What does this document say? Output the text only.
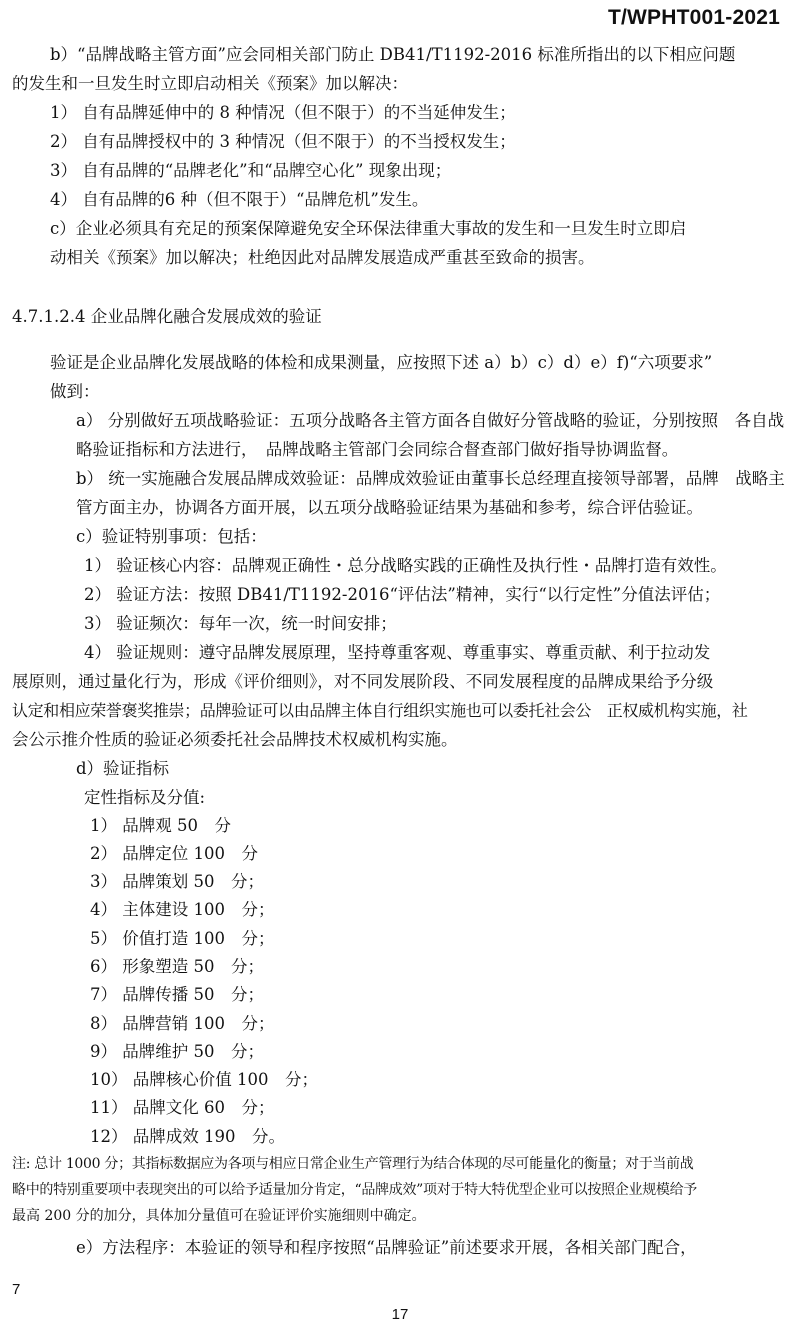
T/WPHT001-2021

b）“品牌战略主管方面”应会同相关部门防止 DB41/T1192-2016 标准所指出的以下相应问题

的发生和一旦发生时立即启动相关《预案》加以解决：

1） 自有品牌延伸中的 8 种情况（但不限于）的不当延伸发生；

2） 自有品牌授权中的 3 种情况（但不限于）的不当授权发生；

3） 自有品牌的“品牌老化”和“品牌空心化” 现象出现；

4） 自有品牌的6 种（但不限于）“品牌危机”发生。

c）企业必须具有充足的预案保障避免安全环保法律重大事故的发生和一旦发生时立即启

动相关《预案》加以解决；杜绝因此对品牌发展造成严重甚至致命的损害。

4.7.1.2.4 企业品牌化融合发展成效的验证

验证是企业品牌化发展战略的体检和成果测量，应按照下述 a）b）c）d）e）f)“六项要求”

做到：

a） 分别做好五项战略验证：五项分战略各主管方面各自做好分管战略的验证，分别按照　各自战

略验证指标和方法进行，　品牌战略主管部门会同综合督查部门做好指导协调监督。

b） 统一实施融合发展品牌成效验证：品牌成效验证由董事长总经理直接领导部署，品牌　战略主

管方面主办，协调各方面开展，以五项分战略验证结果为基础和参考，综合评估验证。

c）验证特别事项：包括：

1） 验证核心内容：品牌观正确性・总分战略实践的正确性及执行性・品牌打造有效性。

2） 验证方法：按照 DB41/T1192-2016“评估法”精神，实行“以行定性”分值法评估；

3） 验证频次：每年一次，统一时间安排；

4） 验证规则：遵守品牌发展原理，坚持尊重客观、尊重事实、尊重贡献、利于拉动发

展原则，通过量化行为，形成《评价细则》，对不同发展阶段、不同发展程度的品牌成果给予分级

认定和相应荣誉褒奖推崇；品牌验证可以由品牌主体自行组织实施也可以委托社会公　正权威机构实施，社

会公示推介性质的验证必须委托社会品牌技术权威机构实施。

d）验证指标

定性指标及分值:

1） 品牌观 50　分

2） 品牌定位 100　分

3） 品牌策划 50　分；

4） 主体建设 100　分；

5） 价值打造 100　分；

6） 形象塑造 50　分；

7） 品牌传播 50　分；

8） 品牌营销 100　分；

9） 品牌维护 50　分；

10） 品牌核心价值 100　分；

11） 品牌文化 60　分；

12） 品牌成效 190　分。

注: 总计 1000 分；其指标数据应为各项与相应日常企业生产管理行为结合体现的尽可能量化的衡量；对于当前战

略中的特别重要项中表现突出的可以给予适量加分肯定，“品牌成效”项对于特大特优型企业可以按照企业规模给予

最高 200 分的加分，具体加分量值可在验证评价实施细则中确定。

e）方法程序：本验证的领导和程序按照“品牌验证”前述要求开展，各相关部门配合，

7
17
